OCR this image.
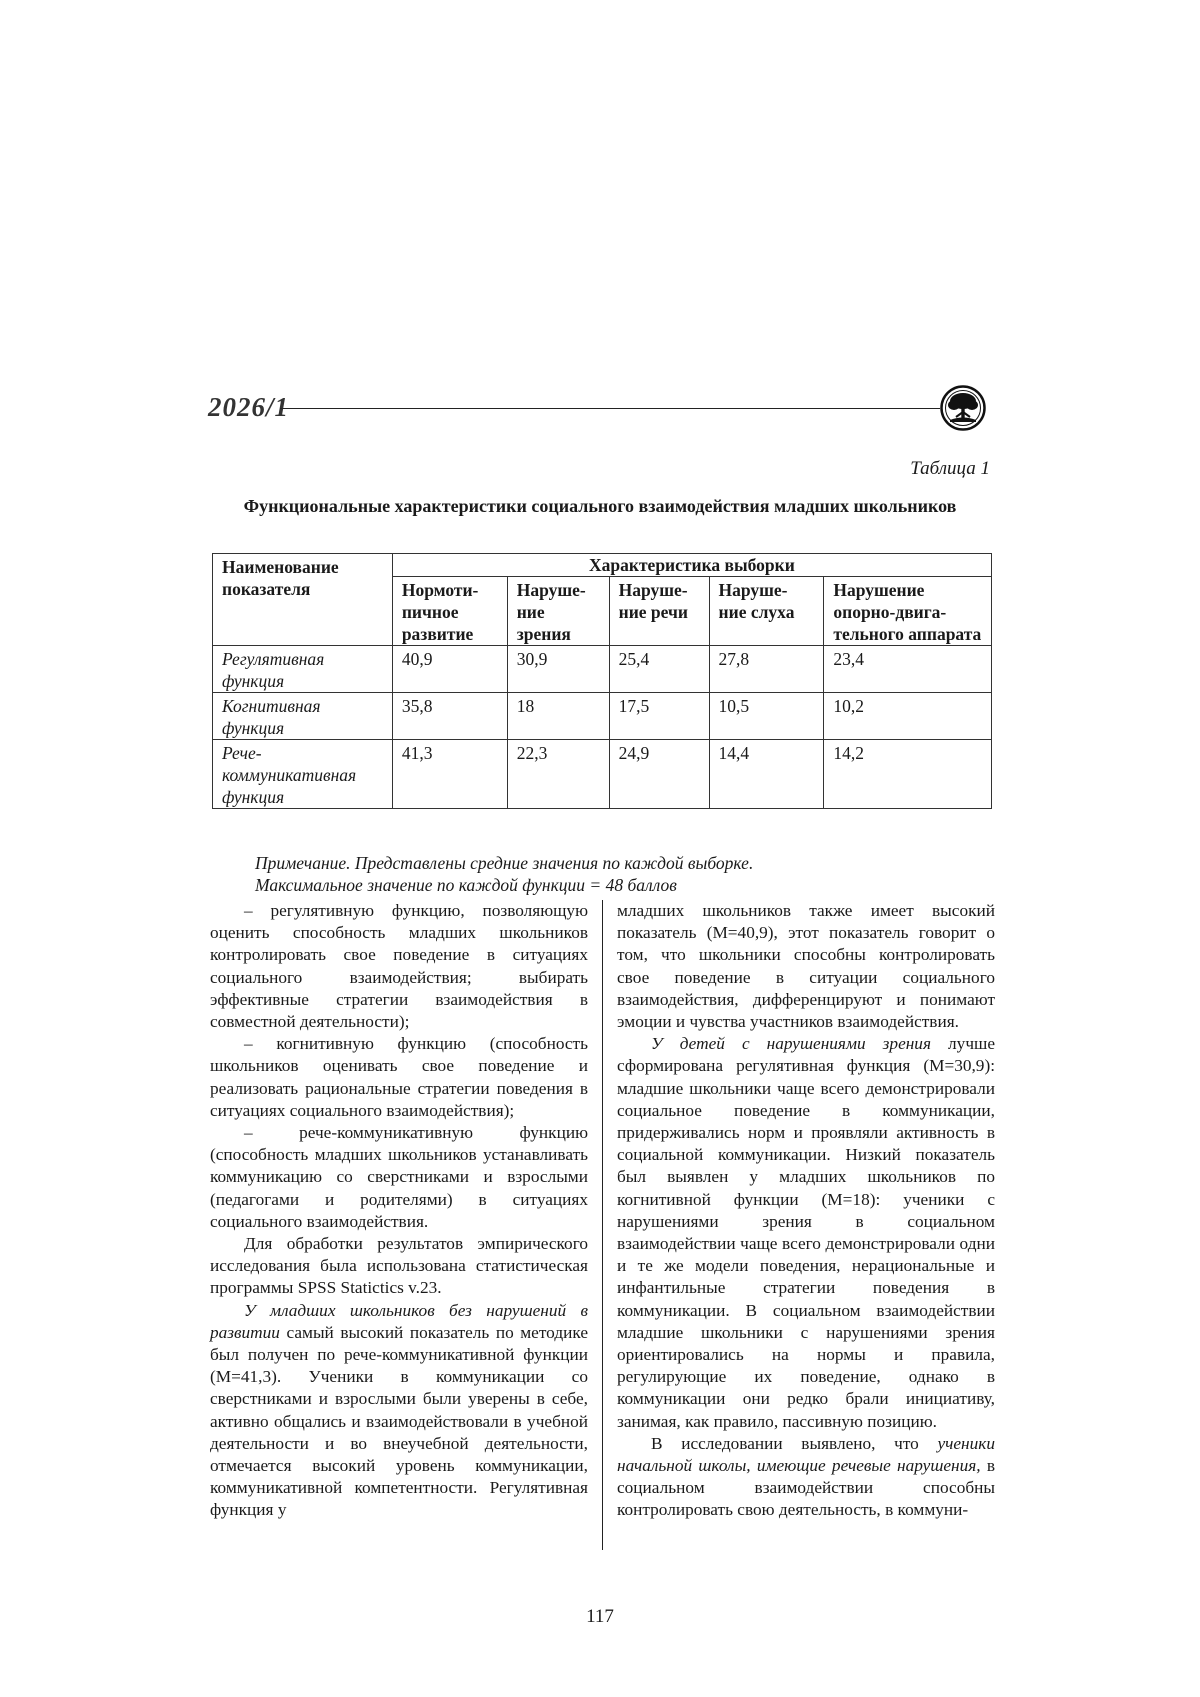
2026/1
Таблица 1
Функциональные характеристики социального взаимодействия младших школьников
Наименование показателя	Характеристика выборки				
	Нормоти-пичное развитие	Наруше-ние зрения	Наруше-ние речи	Наруше-ние слуха	Нарушение опорно-двига-тельного аппарата
Регулятивная функция	40,9	30,9	25,4	27,8	23,4
Когнитивная функция	35,8	18	17,5	10,5	10,2
Рече-коммуникативная функция	41,3	22,3	24,9	14,4	14,2
Примечание. Представлены средние значения по каждой выборке.
Максимальное значение по каждой функции = 48 баллов

– регулятивную функцию, позволяющую оценить способность младших школьников контролировать свое поведение в ситуациях социального взаимодействия; выбирать эффективные стратегии взаимодействия в совместной деятельности);

– когнитивную функцию (способность школьников оценивать свое поведение и реализовать рациональные стратегии поведения в ситуациях социального взаимодействия);

– рече-коммуникативную функцию (способность младших школьников устанавливать коммуникацию со сверстниками и взрослыми (педагогами и родителями) в ситуациях социального взаимодействия.

Для обработки результатов эмпирического исследования была использована статистическая программы SPSS Statictics v.23.

У младших школьников без нарушений в развитии самый высокий показатель по методике был получен по рече-коммуникативной функции (М=41,3). Ученики в коммуникации со сверстниками и взрослыми были уверены в себе, активно общались и взаимодействовали в учебной деятельности и во внеучебной деятельности, отмечается высокий уровень коммуникации, коммуникативной компетентности. Регулятивная функция у

младших школьников также имеет высокий показатель (М=40,9), этот показатель говорит о том, что школьники способны контролировать свое поведение в ситуации социального взаимодействия, дифференцируют и понимают эмоции и чувства участников взаимодействия.

У детей с нарушениями зрения лучше сформирована регулятивная функция (М=30,9): младшие школьники чаще всего демонстрировали социальное поведение в коммуникации, придерживались норм и проявляли активность в социальной коммуникации. Низкий показатель был выявлен у младших школьников по когнитивной функции (М=18): ученики с нарушениями зрения в социальном взаимодействии чаще всего демонстрировали одни и те же модели поведения, нерациональные и инфантильные стратегии поведения в коммуникации. В социальном взаимодействии младшие школьники с нарушениями зрения ориентировались на нормы и правила, регулирующие их поведение, однако в коммуникации они редко брали инициативу, занимая, как правило, пассивную позицию.

В исследовании выявлено, что ученики начальной школы, имеющие речевые нарушения, в социальном взаимодействии способны контролировать свою деятельность, в коммуни-

117
